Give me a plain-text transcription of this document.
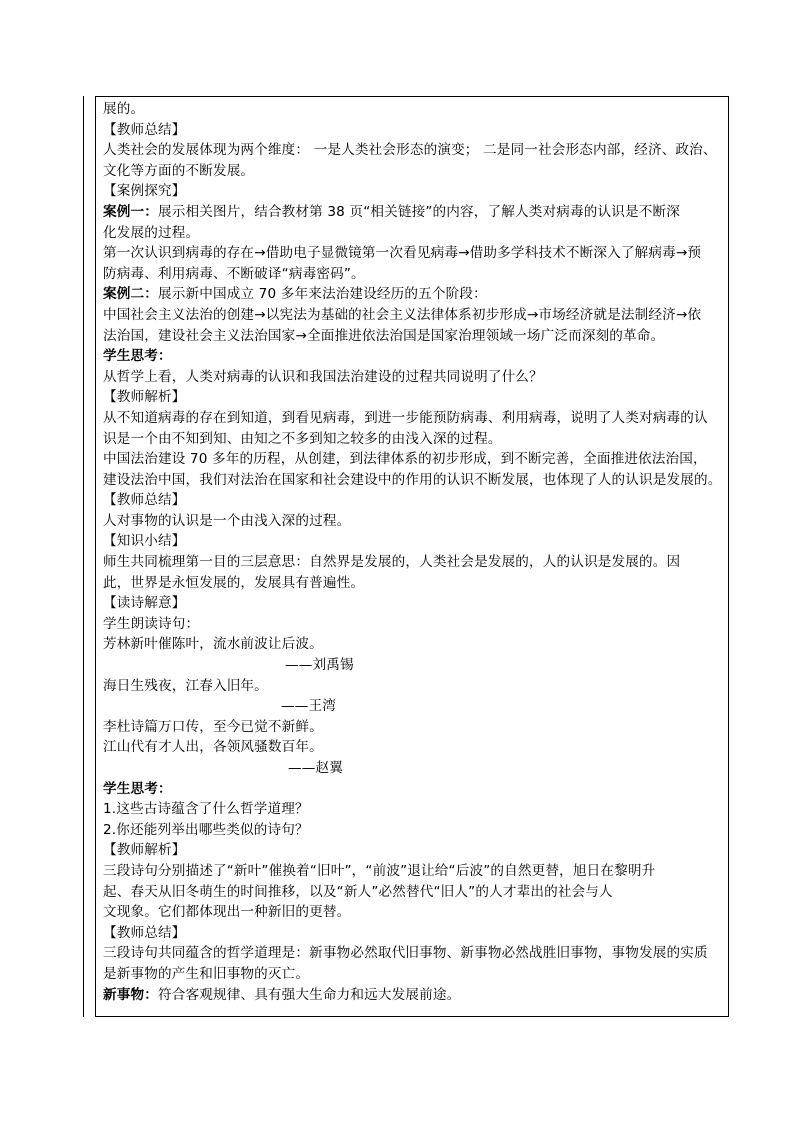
展的。
【教师总结】
人类社会的发展体现为两个维度： 一是人类社会形态的演变； 二是同一社会形态内部，经济、政治、
文化等方面的不断发展。
【案例探究】
案例一：展示相关图片，结合教材第 38 页“相关链接”的内容，了解人类对病毒的认识是不断深
化发展的过程。
第一次认识到病毒的存在→借助电子显微镜第一次看见病毒→借助多学科技术不断深入了解病毒→预
防病毒、利用病毒、不断破译“病毒密码”。
案例二：展示新中国成立 70 多年来法治建设经历的五个阶段：
中国社会主义法治的创建→以宪法为基础的社会主义法律体系初步形成→市场经济就是法制经济→依
法治国，建设社会主义法治国家→全面推进依法治国是国家治理领域一场广泛而深刻的革命。
学生思考：
从哲学上看，人类对病毒的认识和我国法治建设的过程共同说明了什么？
【教师解析】
从不知道病毒的存在到知道，到看见病毒，到进一步能预防病毒、利用病毒，说明了人类对病毒的认
识是一个由不知到知、由知之不多到知之较多的由浅入深的过程。
中国法治建设 70 多年的历程，从创建，到法律体系的初步形成，到不断完善，全面推进依法治国，
建设法治中国，我们对法治在国家和社会建设中的作用的认识不断发展，也体现了人的认识是发展的。
【教师总结】
人对事物的认识是一个由浅入深的过程。
【知识小结】
师生共同梳理第一目的三层意思：自然界是发展的，人类社会是发展的，人的认识是发展的。因
此，世界是永恒发展的，发展具有普遍性。
【读诗解意】
学生朗读诗句：
芳林新叶催陈叶，流水前波让后波。
——刘禹锡
海日生残夜，江春入旧年。
——王湾
李杜诗篇万口传，至今已觉不新鲜。
江山代有才人出，各领风骚数百年。
——赵翼
学生思考：
1.这些古诗蕴含了什么哲学道理？
2.你还能列举出哪些类似的诗句？
【教师解析】
三段诗句分别描述了“新叶”催换着“旧叶”，“前波”退让给“后波”的自然更替，旭日在黎明升
起、春天从旧冬萌生的时间推移，以及“新人”必然替代“旧人”的人才辈出的社会与人
文现象。它们都体现出一种新旧的更替。
【教师总结】
三段诗句共同蕴含的哲学道理是：新事物必然取代旧事物、新事物必然战胜旧事物，事物发展的实质
是新事物的产生和旧事物的灭亡。
新事物：符合客观规律、具有强大生命力和远大发展前途。
